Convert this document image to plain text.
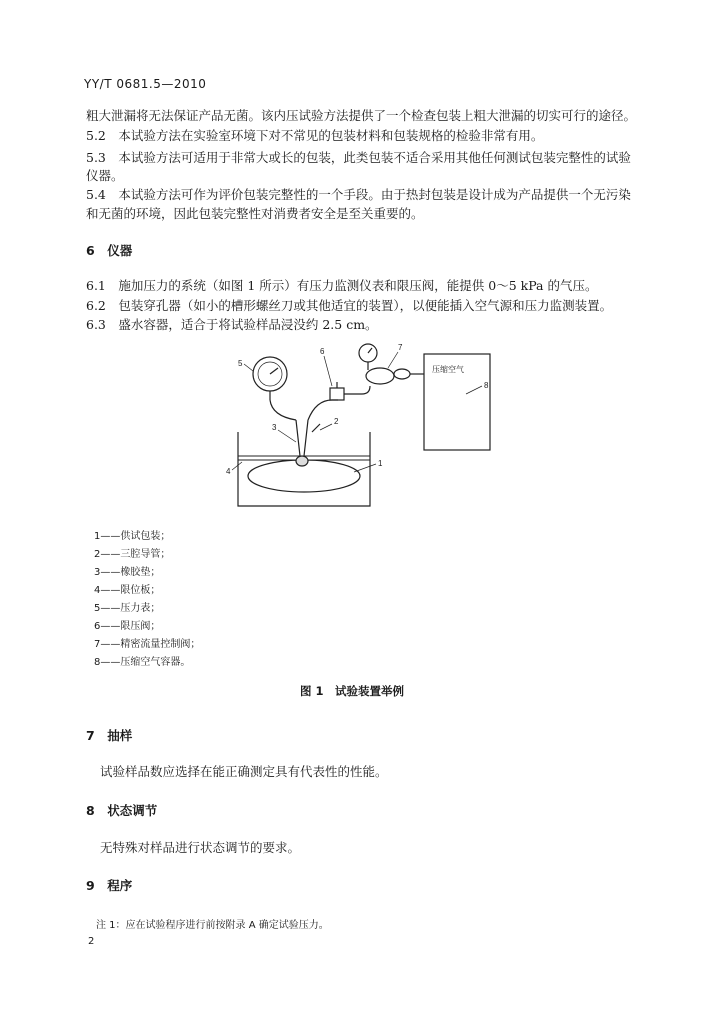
YY/T 0681.5—2010
粗大泄漏将无法保证产品无菌。该内压试验方法提供了一个检查包装上粗大泄漏的切实可行的途径。
5.2　本试验方法在实验室环境下对不常见的包装材料和包装规格的检验非常有用。
5.3　本试验方法可适用于非常大或长的包装，此类包装不适合采用其他任何测试包装完整性的试验
仪器。
5.4　本试验方法可作为评价包装完整性的一个手段。由于热封包装是设计成为产品提供一个无污染
和无菌的环境，因此包装完整性对消费者安全是至关重要的。
6　仪器
6.1　施加压力的系统（如图 1 所示）有压力监测仪表和限压阀，能提供 0～5 kPa 的气压。
6.2　包装穿孔器（如小的槽形螺丝刀或其他适宜的装置），以便能插入空气源和压力监测装置。
6.3　盛水容器，适合于将试验样品浸没约 2.5 cm。
压缩空气
1
2
3
4
5
6	7
8
1——供试包装；
2——三腔导管；
3——橡胶垫；
4——限位板；
5——压力表；
6——限压阀；
7——精密流量控制阀；
8——压缩空气容器。
图 1　试验装置举例
7　抽样
试验样品数应选择在能正确测定具有代表性的性能。
8　状态调节
无特殊对样品进行状态调节的要求。
9　程序
注 1：应在试验程序进行前按附录 A 确定试验压力。
2
